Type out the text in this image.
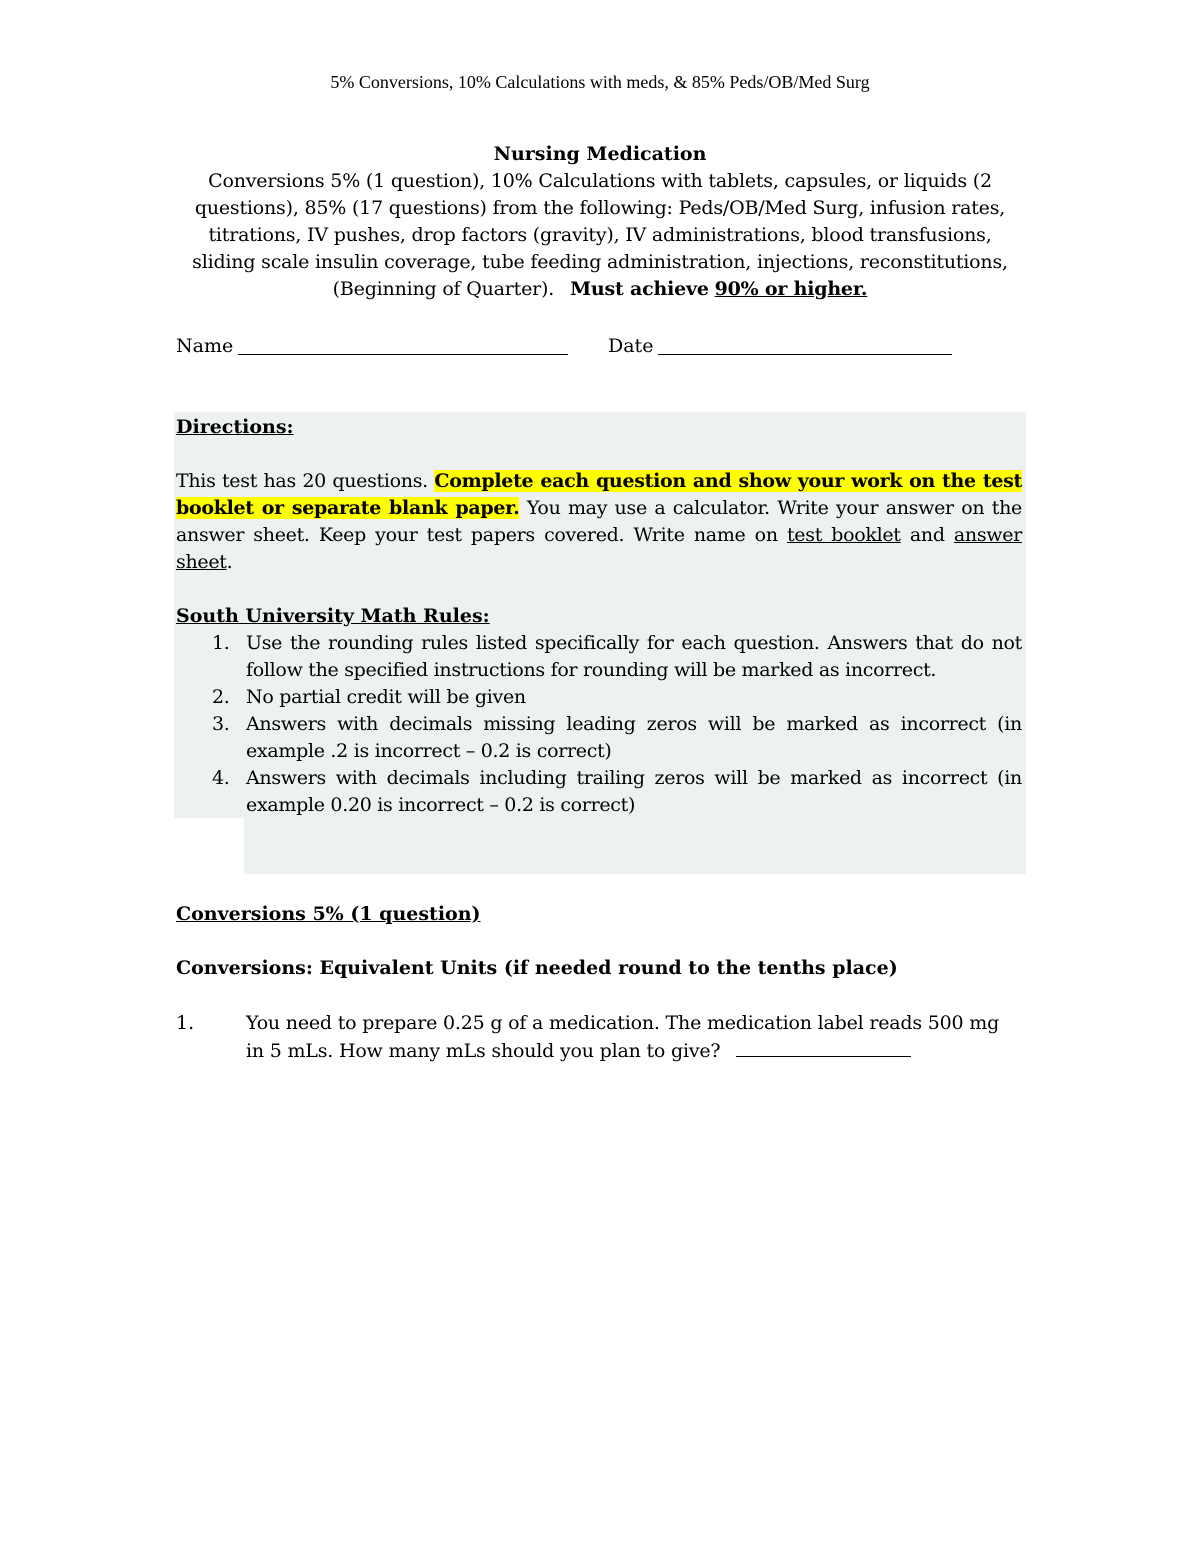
5% Conversions, 10% Calculations with meds, & 85% Peds/OB/Med Surg
Nursing Medication
Conversions 5% (1 question), 10% Calculations with tablets, capsules, or liquids (2 questions), 85% (17 questions) from the following: Peds/OB/Med Surg, infusion rates, titrations, IV pushes, drop factors (gravity), IV administrations, blood transfusions, sliding scale insulin coverage, tube feeding administration, injections, reconstitutions, (Beginning of Quarter). Must achieve 90% or higher.
Name	Date
Directions:
This test has 20 questions. Complete each question and show your work on the test booklet or separate blank paper. You may use a calculator. Write your answer on the answer sheet. Keep your test papers covered. Write name on test booklet and answer sheet.
South University Math Rules:
1. Use the rounding rules listed specifically for each question. Answers that do not follow the specified instructions for rounding will be marked as incorrect.
2. No partial credit will be given
3. Answers with decimals missing leading zeros will be marked as incorrect (in example .2 is incorrect – 0.2 is correct)
4. Answers with decimals including trailing zeros will be marked as incorrect (in example 0.20 is incorrect – 0.2 is correct)
Conversions 5% (1 question)
Conversions: Equivalent Units (if needed round to the tenths place)
1.	You need to prepare 0.25 g of a medication. The medication label reads 500 mg in 5 mLs. How many mLs should you plan to give?
